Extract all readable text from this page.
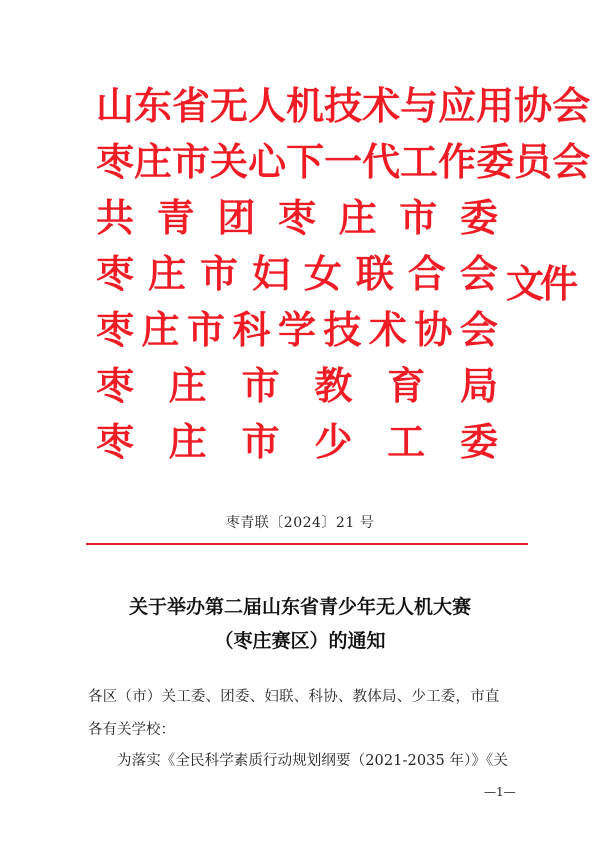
山 东 省 无 人 机 技 术 与 应 用 协 会
枣 庄 市 关 心 下 一 代 工 作 委 员 会
共 青 团 枣 庄 市 委
枣 庄 市 妇 女 联 合 会
枣 庄 市 科 学 技 术 协 会
枣 庄 市 教 育 局
枣 庄 市 少 工 委
文件
枣青联〔2024〕21 号
关于举办第二届山东省青少年无人机大赛
（枣庄赛区）的通知
各区（市）关工委、团委、妇联、科协、教体局、少工委，市直
各有关学校：
为落实《全民科学素质行动规划纲要（2021-2035 年）》《关
—1—
